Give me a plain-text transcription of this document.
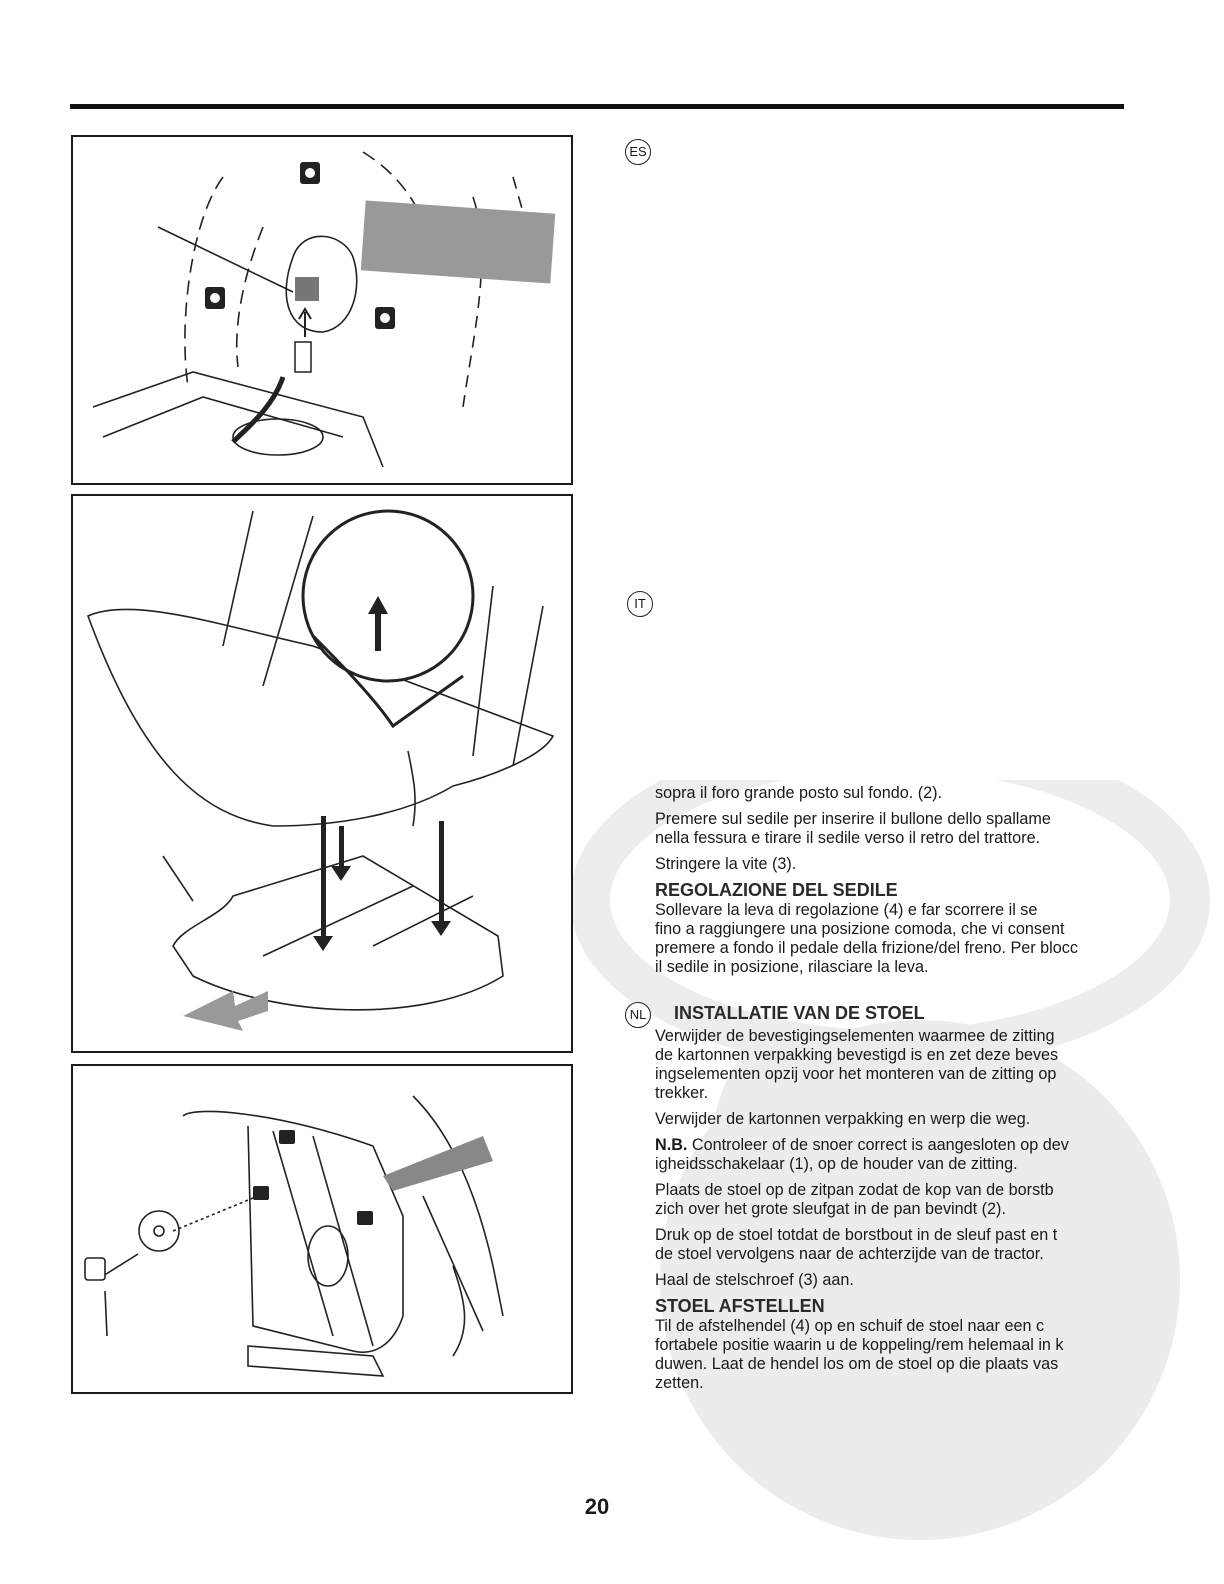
ES
IT
NL

sopra il foro grande posto sul fondo. (2).

Premere sul sedile per inserire il bullone dello spallame
nella fessura e tirare il sedile verso il retro del trattore.

Stringere la vite (3).

REGOLAZIONE DEL SEDILE

Sollevare la leva di regolazione (4) e far scorrere il se
fino a raggiungere una posizione comoda, che vi consent
premere a fondo il pedale della frizione/del freno. Per blocc
il sedile in posizione, rilasciare la leva.

INSTALLATIE VAN DE STOEL

Verwijder de bevestigingselementen waarmee de zitting
de kartonnen verpakking bevestigd is en zet deze beves
ingselementen opzij voor het monteren van de zitting op
trekker.

Verwijder de kartonnen verpakking en werp die weg.

N.B. Controleer of de snoer correct is aangesloten op dev
igheidsschakelaar (1), op de houder van de zitting.

Plaats de stoel op de zitpan zodat de kop van de borstb
zich over het grote sleufgat in de pan bevindt (2).

Druk op de stoel totdat de borstbout in de sleuf past en t
de stoel vervolgens naar de achterzijde van de tractor.

Haal de stelschroef (3) aan.

STOEL AFSTELLEN

Til de afstelhendel (4) op en schuif de stoel naar een c
fortabele positie waarin u de koppeling/rem helemaal in k
duwen. Laat de hendel los om de stoel op die plaats vas
zetten.

20
